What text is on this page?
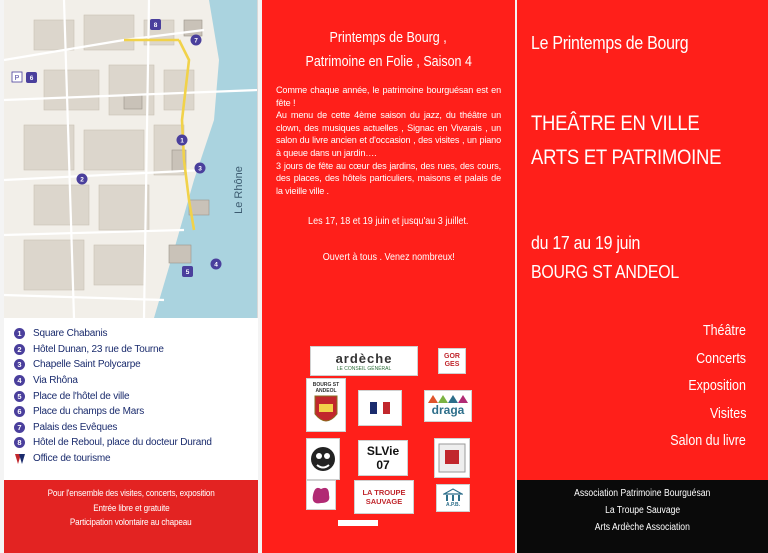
Le Rhône
8
7
6
1
3
2
4
5
P
1	Square Chabanis
2	Hôtel Dunan, 23 rue de Tourne
3	Chapelle Saint Polycarpe
4	Via Rhôna
5	Place de l'hôtel de ville
6	Place du champs de Mars
7	Palais des Evêques
8	Hôtel de Reboul, place du docteur Durand
Office de tourisme
Pour l'ensemble des visites, concerts, exposition
Entrée libre et gratuite
Participation volontaire au chapeau
Printemps de Bourg ,
Patrimoine en Folie , Saison 4

Comme chaque année, le patrimoine bourguésan est en fête !

Au menu de cette 4ème saison du jazz, du théâtre un clown, des musiques actuelles , Signac en Vivarais , un salon du livre ancien et d'occasion , des visites , un piano à queue dans un jardin….

3 jours de fête au cœur des jardins, des rues, des cours, des places, des hôtels particuliers, maisons et palais de la vieille ville .

Les 17, 18 et 19 juin et jusqu'au 3 juillet.
Ouvert à tous . Venez nombreux!
ardèche
LE CONSEIL GÉNÉRAL
GOR GES
BOURG ST ANDEOL
draga
SLVie 07
LA TROUPE SAUVAGE	A.P.B.
Le Printemps de Bourg
THEÂTRE EN VILLE
ARTS ET PATRIMOINE
du 17 au 19 juin
BOURG ST ANDEOL
Théâtre
Concerts
Exposition
Visites
Salon du livre
Association Patrimoine Bourguésan
La Troupe Sauvage
Arts Ardèche Association
